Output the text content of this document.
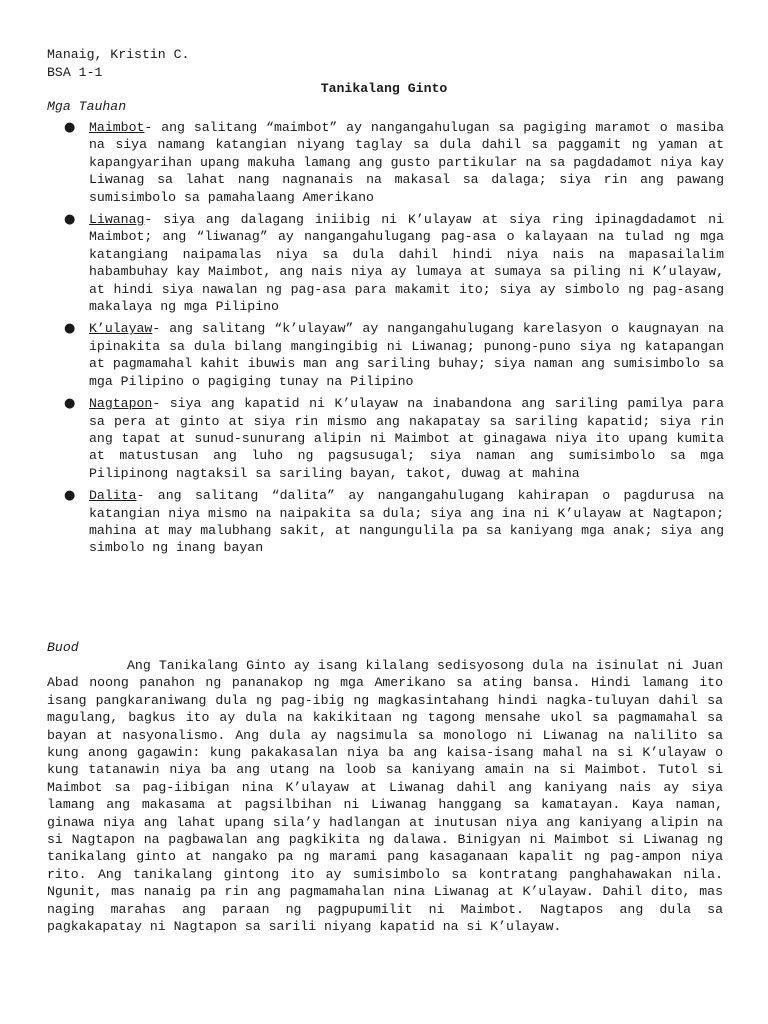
Manaig, Kristin C.
BSA 1-1
Tanikalang Ginto
Mga Tauhan
● Maimbot- ang salitang “maimbot” ay nangangahulugan sa pagiging maramot o masiba na siya namang katangian niyang taglay sa dula dahil sa paggamit ng yaman at kapangyarihan upang makuha lamang ang gusto partikular na sa pagdadamot niya kay Liwanag sa lahat nang nagnanais na makasal sa dalaga; siya rin ang pawang sumisimbolo sa pamahalaang Amerikano
● Liwanag- siya ang dalagang iniibig ni K’ulayaw at siya ring ipinagdadamot ni Maimbot; ang “liwanag” ay nangangahulugang pag-asa o kalayaan na tulad ng mga katangiang naipamalas niya sa dula dahil hindi niya nais na mapasailalim habambuhay kay Maimbot, ang nais niya ay lumaya at sumaya sa piling ni K’ulayaw, at hindi siya nawalan ng pag-asa para makamit ito; siya ay simbolo ng pag-asang makalaya ng mga Pilipino
● K’ulayaw- ang salitang “k’ulayaw” ay nangangahulugang karelasyon o kaugnayan na ipinakita sa dula bilang mangingibig ni Liwanag; punong-puno siya ng katapangan at pagmamahal kahit ibuwis man ang sariling buhay; siya naman ang sumisimbolo sa mga Pilipino o pagiging tunay na Pilipino
● Nagtapon- siya ang kapatid ni K’ulayaw na inabandona ang sariling pamilya para sa pera at ginto at siya rin mismo ang nakapatay sa sariling kapatid; siya rin ang tapat at sunud-sunurang alipin ni Maimbot at ginagawa niya ito upang kumita at matustusan ang luho ng pagsusugal; siya naman ang sumisimbolo sa mga Pilipinong nagtaksil sa sariling bayan, takot, duwag at mahina
● Dalita- ang salitang “dalita” ay nangangahulugang kahirapan o pagdurusa na katangian niya mismo na naipakita sa dula; siya ang ina ni K’ulayaw at Nagtapon; mahina at may malubhang sakit, at nangungulila pa sa kaniyang mga anak; siya ang simbolo ng inang bayan
Buod

Ang Tanikalang Ginto ay isang kilalang sedisyosong dula na isinulat ni Juan Abad noong panahon ng pananakop ng mga Amerikano sa ating bansa. Hindi lamang ito isang pangkaraniwang dula ng pag-ibig ng magkasintahang hindi nagka-tuluyan dahil sa magulang, bagkus ito ay dula na kakikitaan ng tagong mensahe ukol sa pagmamahal sa bayan at nasyonalismo. Ang dula ay nagsimula sa monologo ni Liwanag na nalilito sa kung anong gagawin: kung pakakasalan niya ba ang kaisa-isang mahal na si K’ulayaw o kung tatanawin niya ba ang utang na loob sa kaniyang amain na si Maimbot. Tutol si Maimbot sa pag-iibigan nina K’ulayaw at Liwanag dahil ang kaniyang nais ay siya lamang ang makasama at pagsilbihan ni Liwanag hanggang sa kamatayan. Kaya naman, ginawa niya ang lahat upang sila’y hadlangan at inutusan niya ang kaniyang alipin na si Nagtapon na pagbawalan ang pagkikita ng dalawa. Binigyan ni Maimbot si Liwanag ng tanikalang ginto at nangako pa ng marami pang kasaganaan kapalit ng pag-ampon niya rito. Ang tanikalang gintong ito ay sumisimbolo sa kontratang panghahawakan nila. Ngunit, mas nanaig pa rin ang pagmamahalan nina Liwanag at K’ulayaw. Dahil dito, mas naging marahas ang paraan ng pagpupumilit ni Maimbot. Nagtapos ang dula sa pagkakapatay ni Nagtapon sa sarili niyang kapatid na si K’ulayaw.
